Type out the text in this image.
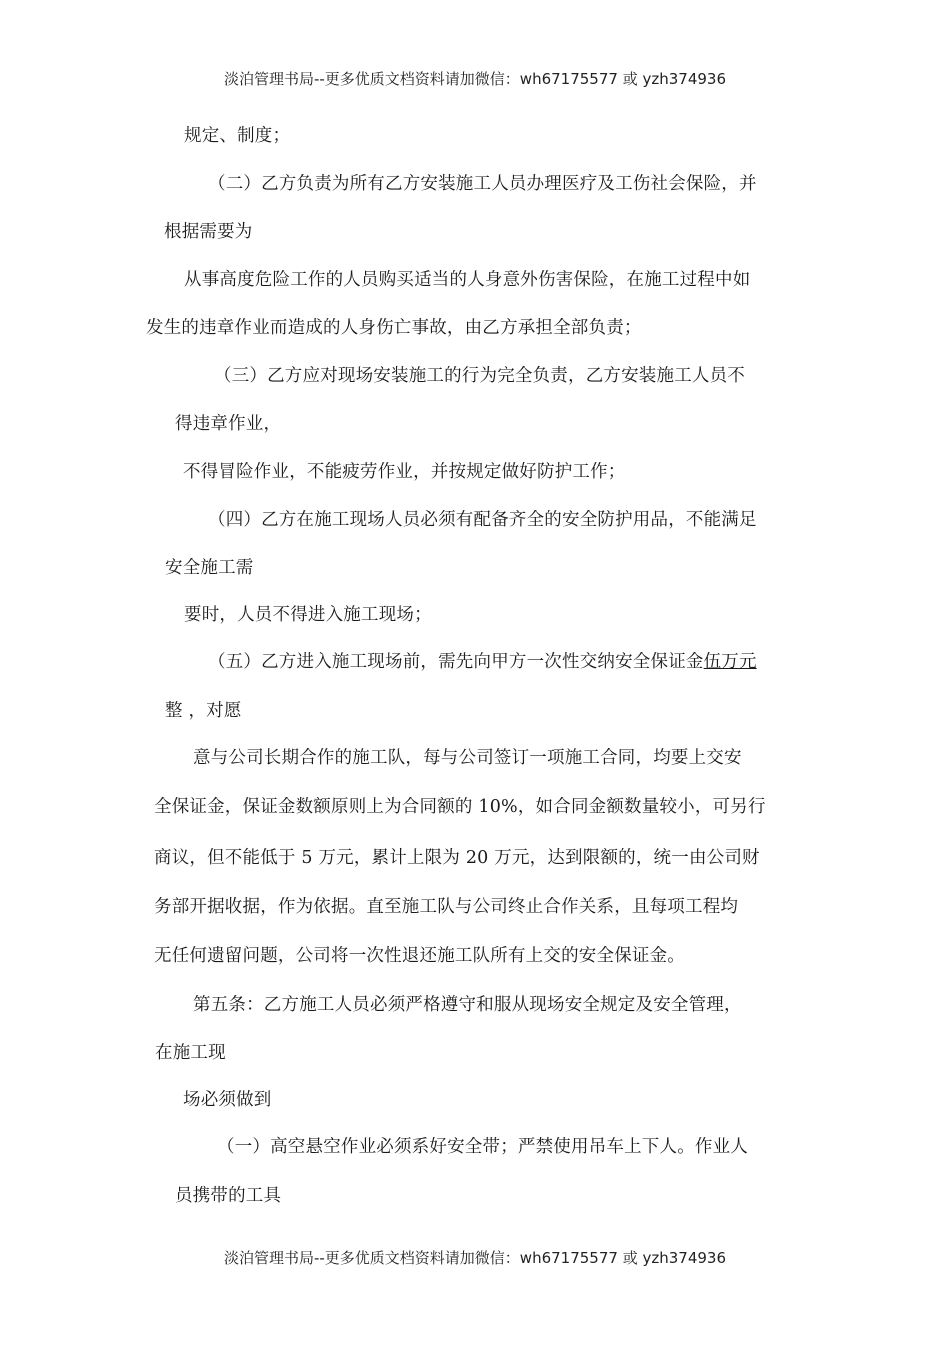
淡泊管理书局--更多优质文档资料请加微信：wh67175577 或 yzh374936
规定、制度；
（二）乙方负责为所有乙方安装施工人员办理医疗及工伤社会保险，并
根据需要为
从事高度危险工作的人员购买适当的人身意外伤害保险，在施工过程中如
发生的违章作业而造成的人身伤亡事故，由乙方承担全部负责；
（三）乙方应对现场安装施工的行为完全负责，乙方安装施工人员不
得违章作业，
不得冒险作业，不能疲劳作业，并按规定做好防护工作；
（四）乙方在施工现场人员必须有配备齐全的安全防护用品，不能满足
安全施工需
要时，人员不得进入施工现场；
（五）乙方进入施工现场前，需先向甲方一次性交纳安全保证金伍万元
整 ，对愿
意与公司长期合作的施工队，每与公司签订一项施工合同，均要上交安
全保证金，保证金数额原则上为合同额的 10%，如合同金额数量较小，可另行
商议，但不能低于 5 万元，累计上限为 20 万元，达到限额的，统一由公司财
务部开据收据，作为依据。直至施工队与公司终止合作关系，且每项工程均
无任何遗留问题，公司将一次性退还施工队所有上交的安全保证金。
第五条：乙方施工人员必须严格遵守和服从现场安全规定及安全管理，
在施工现
场必须做到
（一）高空悬空作业必须系好安全带；严禁使用吊车上下人。作业人
员携带的工具
淡泊管理书局--更多优质文档资料请加微信：wh67175577 或 yzh374936
